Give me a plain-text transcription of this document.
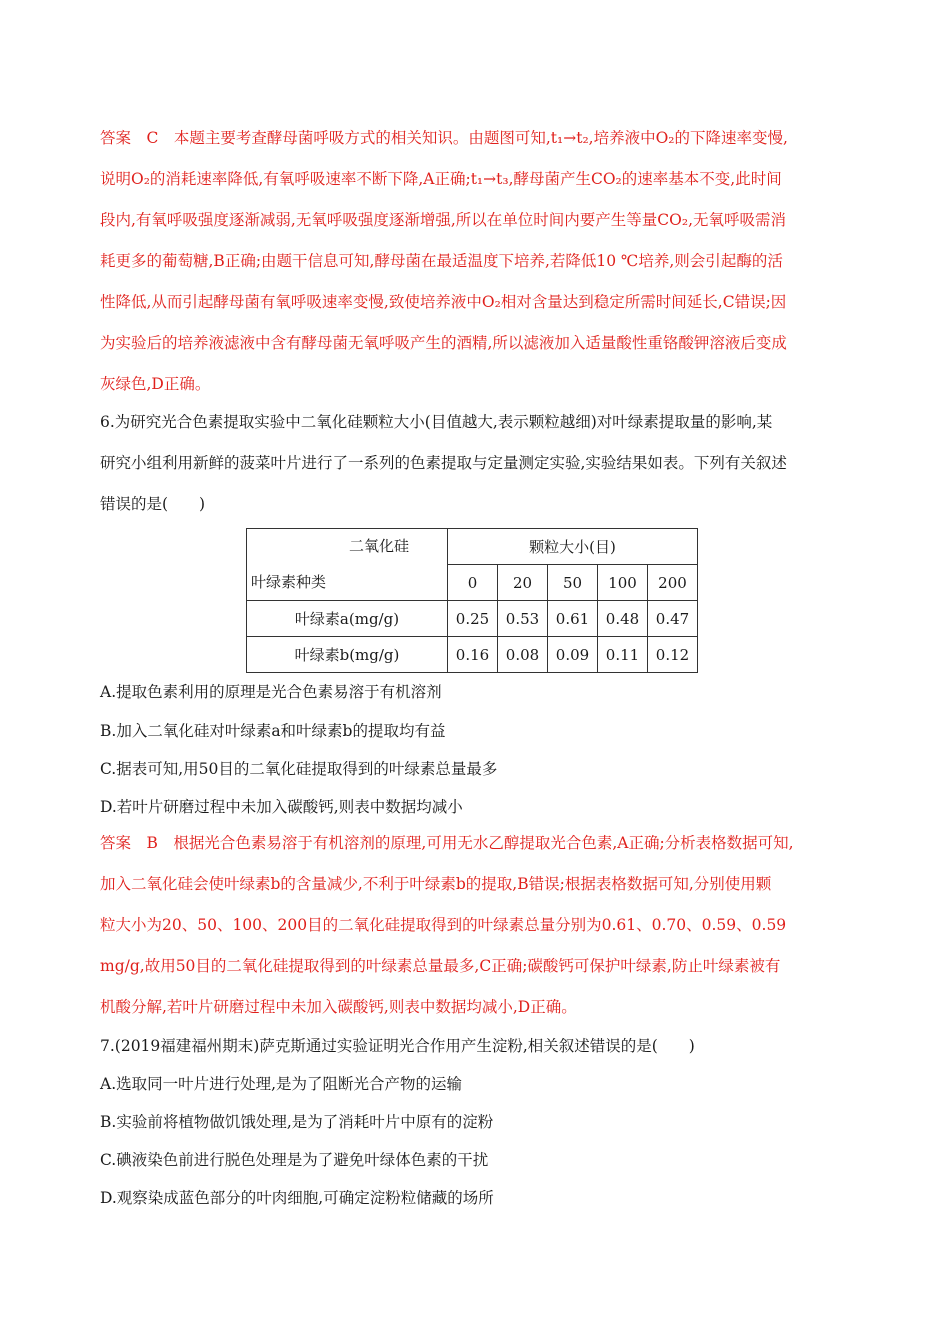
答案　C　本题主要考查酵母菌呼吸方式的相关知识。由题图可知,t₁→t₂,培养液中O₂的下降速率变慢,
说明O₂的消耗速率降低,有氧呼吸速率不断下降,A正确;t₁→t₃,酵母菌产生CO₂的速率基本不变,此时间
段内,有氧呼吸强度逐渐减弱,无氧呼吸强度逐渐增强,所以在单位时间内要产生等量CO₂,无氧呼吸需消
耗更多的葡萄糖,B正确;由题干信息可知,酵母菌在最适温度下培养,若降低10 ℃培养,则会引起酶的活
性降低,从而引起酵母菌有氧呼吸速率变慢,致使培养液中O₂相对含量达到稳定所需时间延长,C错误;因
为实验后的培养液滤液中含有酵母菌无氧呼吸产生的酒精,所以滤液加入适量酸性重铬酸钾溶液后变成
灰绿色,D正确。
6.为研究光合色素提取实验中二氧化硅颗粒大小(目值越大,表示颗粒越细)对叶绿素提取量的影响,某
研究小组利用新鲜的菠菜叶片进行了一系列的色素提取与定量测定实验,实验结果如表。下列有关叙述
错误的是(　　)
二氧化硅
叶绿素种类	颗粒大小(目)				
	0	20	50	100	200
叶绿素a(mg/g)	0.25	0.53	0.61	0.48	0.47
叶绿素b(mg/g)	0.16	0.08	0.09	0.11	0.12
A.提取色素利用的原理是光合色素易溶于有机溶剂
B.加入二氧化硅对叶绿素a和叶绿素b的提取均有益
C.据表可知,用50目的二氧化硅提取得到的叶绿素总量最多
D.若叶片研磨过程中未加入碳酸钙,则表中数据均减小
答案　B　根据光合色素易溶于有机溶剂的原理,可用无水乙醇提取光合色素,A正确;分析表格数据可知,
加入二氧化硅会使叶绿素b的含量减少,不利于叶绿素b的提取,B错误;根据表格数据可知,分别使用颗
粒大小为20、50、100、200目的二氧化硅提取得到的叶绿素总量分别为0.61、0.70、0.59、0.59
mg/g,故用50目的二氧化硅提取得到的叶绿素总量最多,C正确;碳酸钙可保护叶绿素,防止叶绿素被有
机酸分解,若叶片研磨过程中未加入碳酸钙,则表中数据均减小,D正确。
7.(2019福建福州期末)萨克斯通过实验证明光合作用产生淀粉,相关叙述错误的是(　　)
A.选取同一叶片进行处理,是为了阻断光合产物的运输
B.实验前将植物做饥饿处理,是为了消耗叶片中原有的淀粉
C.碘液染色前进行脱色处理是为了避免叶绿体色素的干扰
D.观察染成蓝色部分的叶肉细胞,可确定淀粉粒储藏的场所
